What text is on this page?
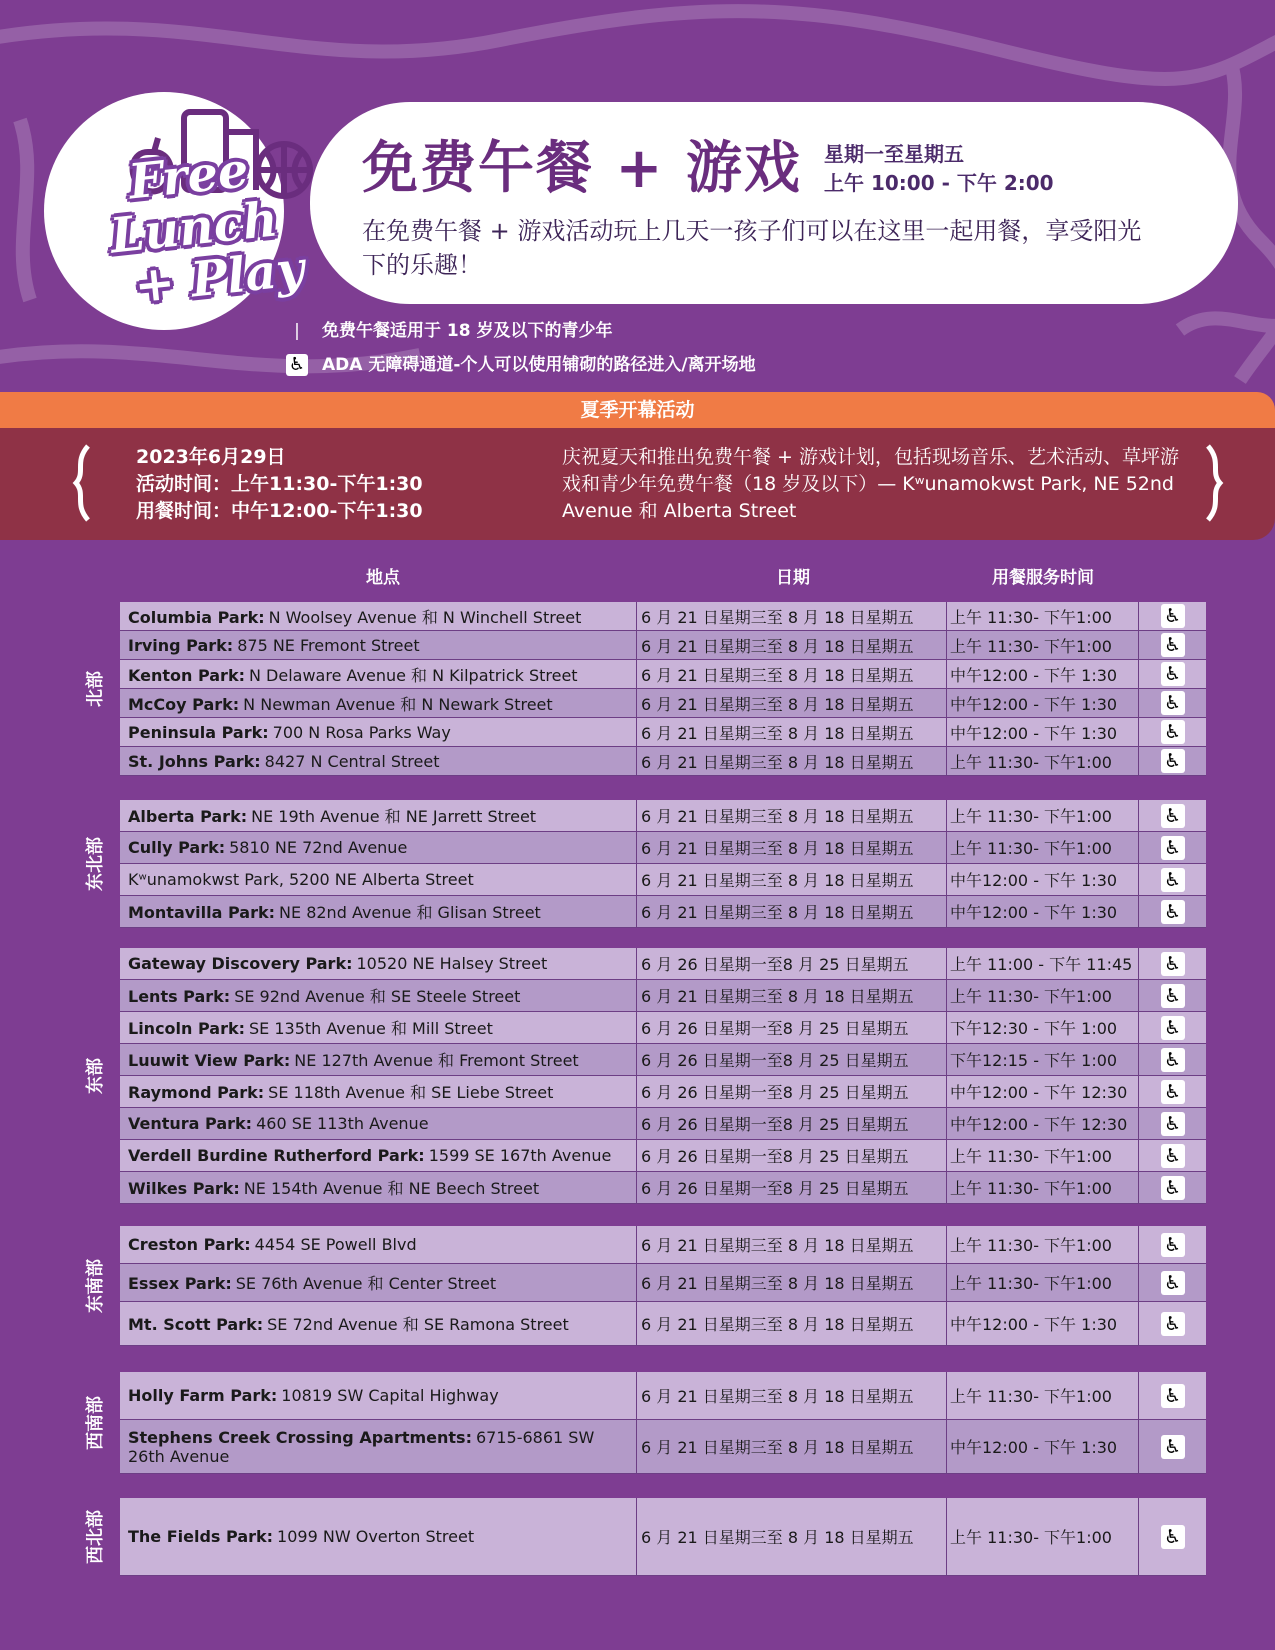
Free Lunch
+ Play
免费午餐 + 游戏 星期一至星期五
上午 10:00 - 下午 2:00
在免费午餐 + 游戏活动玩上几天一孩子们可以在这里一起用餐，享受阳光下的乐趣！
| 免费午餐适用于 18 岁及以下的青少年
♿ ADA 无障碍通道-个人可以使用铺砌的路径进入/离开场地
夏季开幕活动
2023年6月29日
活动时间：上午11:30-下午1:30
用餐时间：中午12:00-下午1:30
庆祝夏天和推出免费午餐 + 游戏计划，包括现场音乐、艺术活动、草坪游戏和青少年免费午餐（18 岁及以下）— Kʷunamokwst Park, NE 52nd Avenue 和 Alberta Street
地点	日期	用餐服务时间
Columbia Park: N Woolsey Avenue 和 N Winchell Street	6 月 21 日星期三至 8 月 18 日星期五	上午 11:30- 下午1:00	♿
Irving Park: 875 NE Fremont Street	6 月 21 日星期三至 8 月 18 日星期五	上午 11:30- 下午1:00	♿
Kenton Park: N Delaware Avenue 和 N Kilpatrick Street	6 月 21 日星期三至 8 月 18 日星期五	中午12:00 - 下午 1:30	♿
McCoy Park: N Newman Avenue 和 N Newark Street	6 月 21 日星期三至 8 月 18 日星期五	中午12:00 - 下午 1:30	♿
Peninsula Park: 700 N Rosa Parks Way	6 月 21 日星期三至 8 月 18 日星期五	中午12:00 - 下午 1:30	♿
St. Johns Park: 8427 N Central Street	6 月 21 日星期三至 8 月 18 日星期五	上午 11:30- 下午1:00	♿
北部
Alberta Park: NE 19th Avenue 和 NE Jarrett Street	6 月 21 日星期三至 8 月 18 日星期五	上午 11:30- 下午1:00	♿
Cully Park: 5810 NE 72nd Avenue	6 月 21 日星期三至 8 月 18 日星期五	上午 11:30- 下午1:00	♿
Kʷunamokwst Park, 5200 NE Alberta Street	6 月 21 日星期三至 8 月 18 日星期五	中午12:00 - 下午 1:30	♿
Montavilla Park: NE 82nd Avenue 和 Glisan Street	6 月 21 日星期三至 8 月 18 日星期五	中午12:00 - 下午 1:30	♿
东北部
Gateway Discovery Park: 10520 NE Halsey Street	6 月 26 日星期一至8 月 25 日星期五	上午 11:00 - 下午 11:45	♿
Lents Park: SE 92nd Avenue 和 SE Steele Street	6 月 21 日星期三至 8 月 18 日星期五	上午 11:30- 下午1:00	♿
Lincoln Park: SE 135th Avenue 和 Mill Street	6 月 26 日星期一至8 月 25 日星期五	下午12:30 - 下午 1:00	♿
Luuwit View Park: NE 127th Avenue 和 Fremont Street	6 月 26 日星期一至8 月 25 日星期五	下午12:15 - 下午 1:00	♿
Raymond Park: SE 118th Avenue 和 SE Liebe Street	6 月 26 日星期一至8 月 25 日星期五	中午12:00 - 下午 12:30	♿
Ventura Park: 460 SE 113th Avenue	6 月 26 日星期一至8 月 25 日星期五	中午12:00 - 下午 12:30	♿
Verdell Burdine Rutherford Park: 1599 SE 167th Avenue 6 月 26 日星期一至8 月 25 日星期五	上午 11:30- 下午1:00	♿
Wilkes Park: NE 154th Avenue 和 NE Beech Street	6 月 26 日星期一至8 月 25 日星期五	上午 11:30- 下午1:00	♿
东部
Creston Park: 4454 SE Powell Blvd	6 月 21 日星期三至 8 月 18 日星期五	上午 11:30- 下午1:00	♿
Essex Park: SE 76th Avenue 和 Center Street	6 月 21 日星期三至 8 月 18 日星期五	上午 11:30- 下午1:00	♿
Mt. Scott Park: SE 72nd Avenue 和 SE Ramona Street	6 月 21 日星期三至 8 月 18 日星期五	中午12:00 - 下午 1:30	♿
东南部
Holly Farm Park: 10819 SW Capital Highway	6 月 21 日星期三至 8 月 18 日星期五	上午 11:30- 下午1:00	♿
Stephens Creek Crossing Apartments: 6715-6861 SW 26th Avenue	6 月 21 日星期三至 8 月 18 日星期五	中午12:00 - 下午 1:30	♿
西南部
The Fields Park: 1099 NW Overton Street	6 月 21 日星期三至 8 月 18 日星期五	上午 11:30- 下午1:00	♿
西北部
